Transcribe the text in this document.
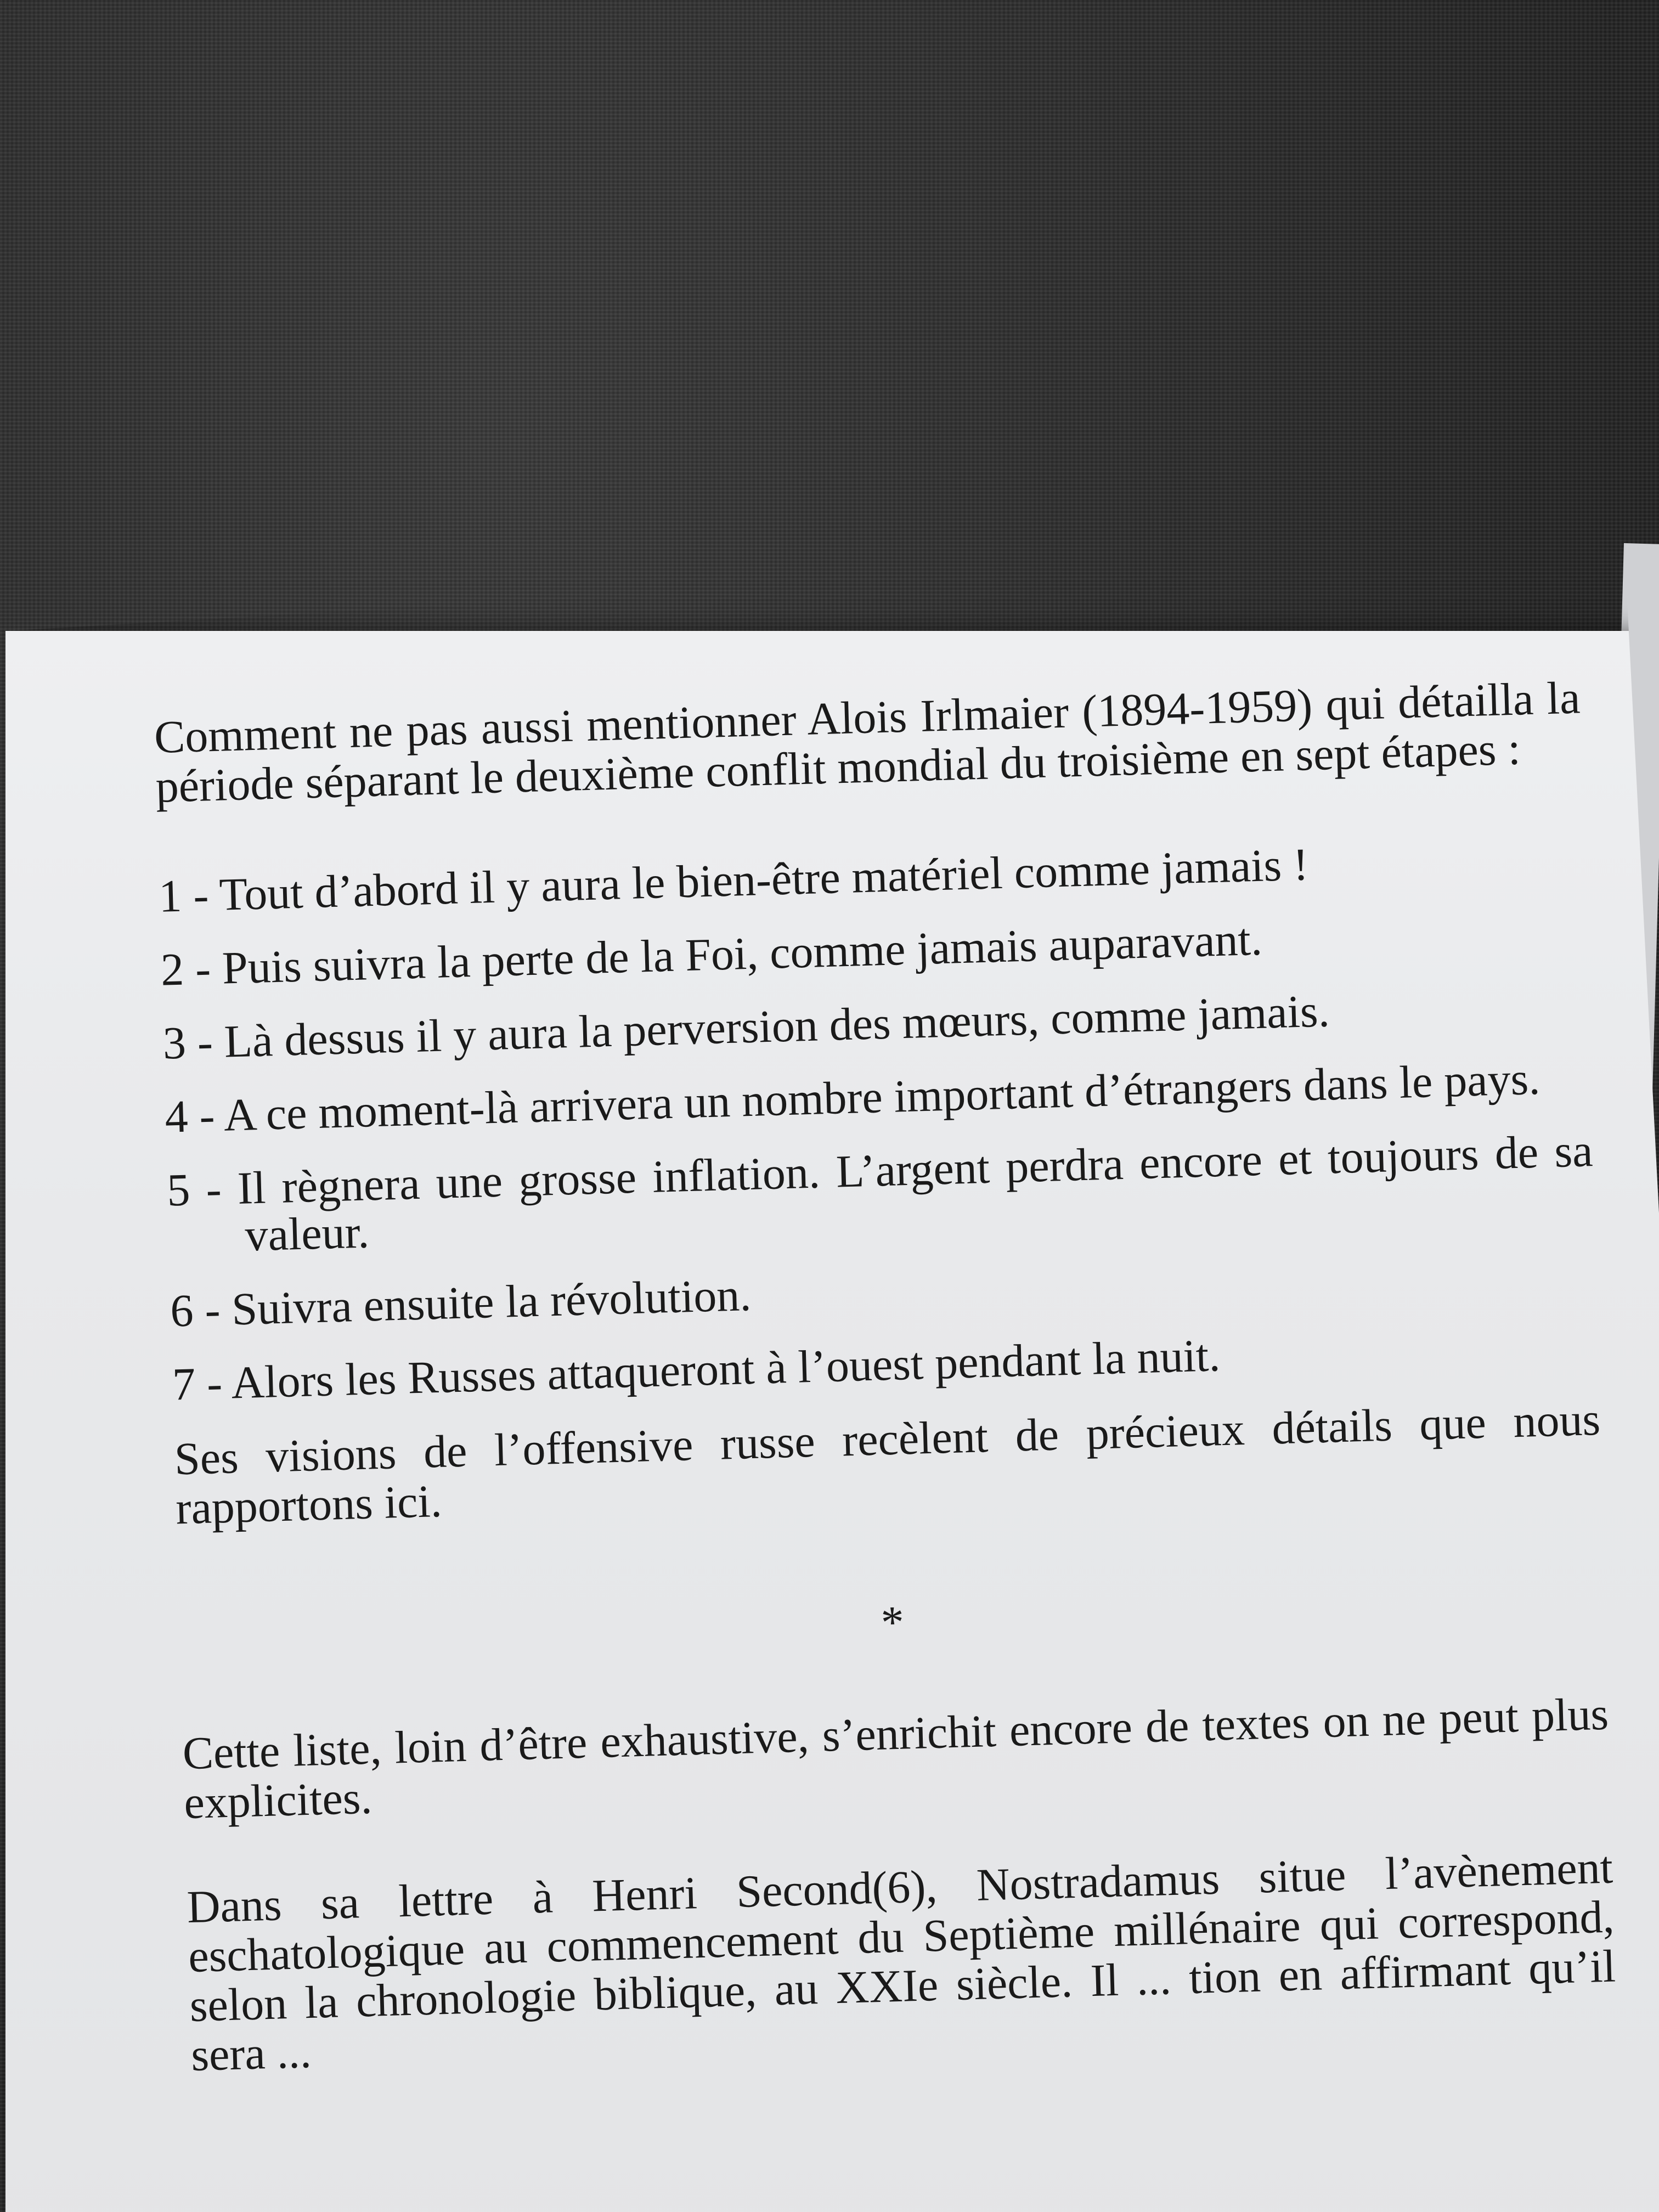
Comment ne pas aussi mentionner Alois Irlmaier (1894-1959) qui détailla la période séparant le deuxième conflit mondial du troisième en sept étapes :

1 - Tout d’abord il y aura le bien-être matériel comme jamais !
2 - Puis suivra la perte de la Foi, comme jamais auparavant.
3 - Là dessus il y aura la perversion des mœurs, comme jamais.
4 - A ce moment-là arrivera un nombre important d’étrangers dans le pays.
5 - Il règnera une grosse inflation. L’argent perdra encore et toujours de sa valeur.
6 - Suivra ensuite la révolution.
7 - Alors les Russes attaqueront à l’ouest pendant la nuit.

Ses visions de l’offensive russe recèlent de précieux détails que nous rapportons ici.

*

Cette liste, loin d’être exhaustive, s’enrichit encore de textes on ne peut plus explicites.

Dans sa lettre à Henri Second(6), Nostradamus situe l’avènement eschatologique au commencement du Septième millénaire qui correspond, selon la chronologie biblique, au XXIe siècle. Il ... tion en affirmant qu’il sera ...
